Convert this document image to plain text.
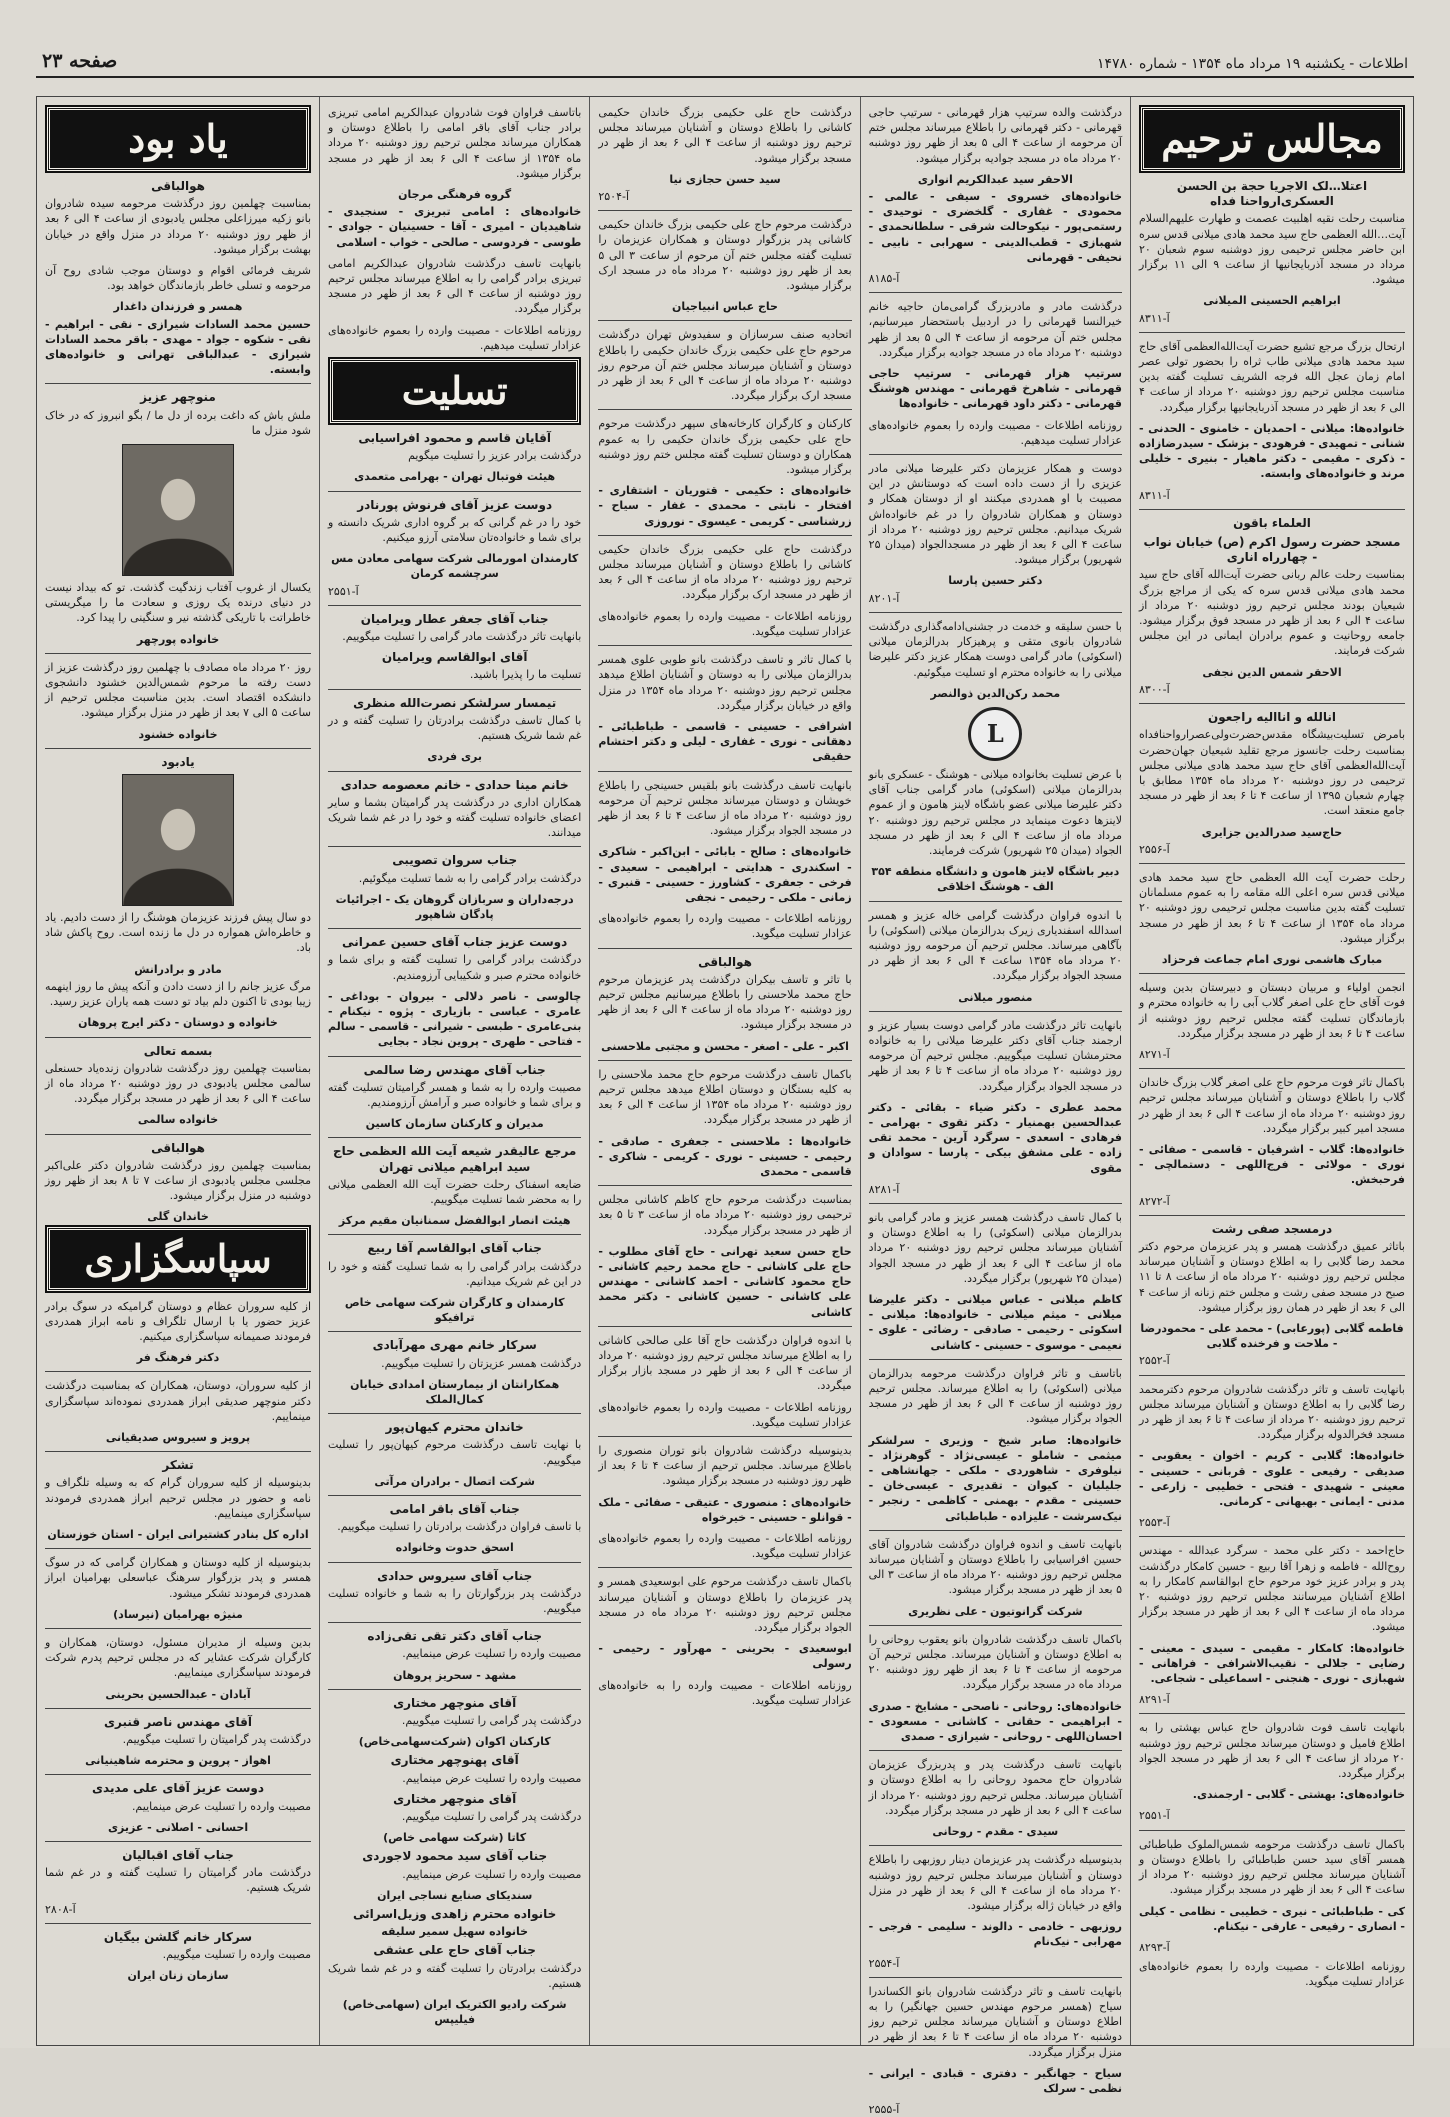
اطلاعات - یکشنبه ۱۹ مرداد ماه ۱۳۵۴ - شماره ۱۴۷۸۰
صفحه ۲۳
مجالس ترحیم
اعتلا…لک الاجریا حجة بن الحسن العسکری‌اروا‌حنا فداه
مناسبت رحلت نقیه اهلبیت عصمت و طهارت علیهم‌السلام آیت…الله العظمی حاج سید محمد هادی میلانی قدس سره ابن حاضر مجلس ترحیمی روز دوشنبه سوم شعبان ۲۰ مرداد در مسجد آذربایجانیها از ساعت ۹ الی ۱۱ برگزار میشود.
ابراهیم الحسینی المیلانی
آ-۸۳۱۱
ارتحال بزرگ مرجع تشیع حضرت آیت‌الله‌العظمی آقای حاج سید محمد هادی میلانی طاب ثراه را بحضور تولی عصر امام زمان عجل الله فرجه الشریف تسلیت گفته بدین مناسبت مجلس ترحیم روز دوشنبه ۲۰ مرداد از ساعت ۴ الی ۶ بعد از ظهر در مسجد آذربایجانیها برگزار میگردد.
خانواده‌ها: میلانی - احمدیان - خامنوی - الحدنی - شنانی - تمهیدی - فرهودی - بزشک - سیدرضازاده - ذکری - مقیمی - دکتر ماهیار - بنیری - خلیلی مرند و خانواده‌های وابسته.
آ-۸۳۱۱
العلماء باقون
مسجد حضرت رسول اکرم (ص) خیابان نواب - چهارراه اناری
بمناسبت رحلت عالم ربانی حضرت آیت‌الله آقای حاج سید محمد هادی میلانی قدس سره که یکی از مراجع بزرگ شیعیان بودند مجلس ترحیم روز دوشنبه ۲۰ مرداد از ساعت ۴ الی ۶ بعد از ظهر در مسجد فوق برگزار میشود. جامعه روحانیت و عموم برادران ایمانی در این مجلس شرکت فرمایند.
الاحقر شمس الدین نجفی
آ-۸۳۰۰
انالله و انااليه راجعون
بامرض تسلیت‌بیشگاه مقدس‌حضرت‌ولی‌عصر‌ارواحنافداه بمناسبت رحلت جانسوز مرجع تقلید شیعیان جهان‌حضرت آیت‌الله‌العظمی آقای حاج سید محمد هادی میلانی مجلس ترحیمی در روز دوشنبه ۲۰ مرداد ماه ۱۳۵۴ مطابق با چهارم شعبان ۱۳۹۵ از ساعت ۴ تا ۶ بعد از ظهر در مسجد جامع منعقد است.
حاج‌سید صدرالدین جزایری
آ-۲۵۵۶
رحلت حضرت آیت الله العظمی حاج سید محمد هادی میلانی قدس سره اعلی الله مقامه را به عموم مسلمانان تسلیت گفته بدین مناسبت مجلس ترحیمی روز دوشنبه ۲۰ مرداد ماه ۱۳۵۴ از ساعت ۴ تا ۶ بعد از ظهر در مسجد برگزار میشود.
مبارک هاشمی نوری امام جماعت فرحزاد
انجمن اولیاء و مربیان دبستان و دبیرستان بدین وسیله فوت آقای حاج علی اصغر گلاب آبی را به خانواده محترم و بازماندگان تسلیت گفته مجلس ترحیم روز دوشنبه از ساعت ۴ تا ۶ بعد از ظهر در مسجد برگزار میگردد.
آ-۸۲۷۱
باکمال تاثر فوت مرحوم حاج علی اصغر گلاب بزرگ خاندان گلاب را باطلاع دوستان و آشنایان میرساند مجلس ترحیم روز دوشنبه ۲۰ مرداد ماه از ساعت ۴ الی ۶ بعد از ظهر در مسجد امیر کبیر برگزار میگردد.
خانواده‌ها: گلاب - اشرفیان - قاسمی - صفائی - نوری - مولائی - فرج‌اللهی - دستمالچی - فرحبخش.
آ-۸۲۷۲
درمسجد صفی رشت
باتاثر عمیق درگذشت همسر و پدر عزیزمان مرحوم دکتر محمد رضا گلابی را به اطلاع دوستان و آشنایان میرساند مجلس ترحیم روز دوشنبه ۲۰ مرداد ماه از ساعت ۸ تا ۱۱ صبح در مسجد صفی رشت و مجلس ختم زنانه از ساعت ۴ الی ۶ بعد از ظهر در همان روز برگزار میشود.
فاطمه گلابی (پورعابی) - محمد علی - محمودرضا - ملاحت و فرخنده گلابی
آ-۲۵۵۲
بانهایت تاسف و تاثر درگذشت شادروان مرحوم دکترمحمد رضا گلابی را به اطلاع دوستان و آشنایان میرساند مجلس ترحیم روز دوشنبه ۲۰ مرداد از ساعت ۴ تا ۶ بعد از ظهر در مسجد فخرالدوله برگزار میگردد.
خانواده‌ها: گلابی - کریم - اخوان - یعقوبی - صدیقی - رفیعی - علوی - قربانی - حسینی - معینی - شهیدی - فتحی - خطیبی - زارعی - مدنی - ایمانی - بهبهانی - کرمانی.
آ-۲۵۵۳
حاج‌احمد - دکتر علی محمد - سرگرد عبدالله - مهندس روح‌الله - فاطمه و زهرا آقا ربیع - حسین کامکار درگذشت پدر و برادر عزیز خود مرحوم حاج ابوالقاسم کامکار را به اطلاع آشنایان میرسانند مجلس ترحیم روز دوشنبه ۲۰ مرداد ماه از ساعت ۴ الی ۶ بعد از ظهر در مسجد برگزار میشود.
خانواده‌ها: کامکار - مقیمی - سیدی - معینی - رضایی - جلالی - نقیب‌الاشرافی - فراهانی - شهبازی - نوری - هنجنی - اسماعیلی - شجاعی.
آ-۸۲۹۱
بانهایت تاسف فوت شادروان حاج عباس بهشتی را به اطلاع فامیل و دوستان میرساند مجلس ترحیم روز دوشنبه ۲۰ مرداد از ساعت ۴ الی ۶ بعد از ظهر در مسجد الجواد برگزار میگردد.
خانواده‌های: بهشتی - گلابی - ارجمندی.
آ-۲۵۵۱
باکمال تاسف درگذشت مرحومه شمس‌الملوک طباطبائی همسر آقای سید حسن طباطبائی را باطلاع دوستان و آشنایان میرساند مجلس ترحیم روز دوشنبه ۲۰ مرداد از ساعت ۴ الی ۶ بعد از ظهر در مسجد برگزار میشود.
کی - طباطبائی - نیری - خطیبی - نظامی - کیلی - انصاری - رفیعی - عارفی - نیکنام.
آ-۸۲۹۳
روزنامه اطلاعات - مصیبت وارده را بعموم خانواده‌های عزادار تسلیت میگوید.
درگذشت والده سرتیپ هزار قهرمانی - سرتیپ حاجی قهرمانی - دکتر قهرمانی را باطلاع میرساند مجلس ختم آن مرحومه از ساعت ۴ الی ۵ بعد از ظهر روز دوشنبه ۲۰ مرداد ماه در مسجد جوادیه برگزار میشود.
الاحقر سید عبدالکریم انواری
خانواده‌های خسروی - سیفی - عالمی - محمودی - غفاری - گلخضری - توحیدی - رستمی‌پور - نیکوحالت شرقی - سلطانحمدی - شهبازی - قطب‌الدینی - سهرابی - نابیی - نحیفی - قهرمانی
آ-۸۱۸۵
درگذشت مادر و مادربزرگ گرامی‌مان حاجیه خانم خیرالنسا قهرمانی را در اردبیل باستحضار میرسانیم، مجلس ختم آن مرحومه از ساعت ۴ الی ۵ بعد از ظهر دوشنبه ۲۰ مرداد ماه در مسجد جوادیه برگزار میگردد.
سرتیپ هزار قهرمانی - سرتیپ حاجی قهرمانی - شاهرخ قهرمانی - مهندس هوشنگ قهرمانی - دکتر داود قهرمانی - خانواده‌ها
روزنامه اطلاعات - مصیبت وارده را بعموم خانواده‌های عزادار تسلیت میدهیم.
دوست و همکار عزیزمان دکتر علیرضا میلانی مادر عزیزی را از دست داده است که دوستانش در این مصیبت با او همدردی میکنند او از دوستان همکار و دوستان و همکاران شادروان را در غم خانواده‌اش شریک میدانیم. مجلس ترحیم روز دوشنبه ۲۰ مرداد از ساعت ۴ الی ۶ بعد از ظهر در مسجدالجواد (میدان ۲۵ شهریور) برگزار میشود.
دکتر حسین پارسا
آ-۸۲۰۱
با حسن سلیقه و خدمت در جشنی‌ادامه‌گذاری درگذشت شادروان بانوی متقی و پرهیزکار بدرالزمان میلانی (اسکوئی) مادر گرامی دوست همکار عزیز دکتر علیرضا میلانی را به خانواده محترم او تسلیت میگوئیم.
محمد رکن‌الدین ذوالنصر
L
با عرض تسلیت بخانواده میلانی - هوشنگ - عسکری بانو بدرالزمان میلانی (اسکوئی) مادر گرامی جناب آقای دکتر علیرضا میلانی عضو باشگاه لاینز هامون و از عموم لاینزها دعوت مینماید در مجلس ترحیم روز دوشنبه ۲۰ مرداد ماه از ساعت ۴ الی ۶ بعد از ظهر در مسجد الجواد (میدان ۲۵ شهریور) شرکت فرمایند.
دبیر باشگاه لاینز هامون و دانشگاه منطقه ۳۵۴ الف - هوشنگ اخلاقی
با اندوه فراوان درگذشت گرامی خاله عزیز و همسر اسدالله اسفندیاری زیرک بدرالزمان میلانی (اسکوئی) را بآگاهی میرساند. مجلس ترحیم آن مرحومه روز دوشنبه ۲۰ مرداد ماه ۱۳۵۴ ساعت ۴ الی ۶ بعد از ظهر در مسجد الجواد برگزار میگردد.
منصور میلانی
بانهایت تاثر درگذشت مادر گرامی دوست بسیار عزیز و ارجمند جناب آقای دکتر علیرضا میلانی را به خانواده محترمشان تسلیت میگوییم. مجلس ترحیم آن مرحومه روز دوشنبه ۲۰ مرداد ماه از ساعت ۴ تا ۶ بعد از ظهر در مسجد الجواد برگزار میگردد.
محمد عطری - دکتر ضیاء - بقائی - دکتر عبدالحسین بهمنیار - دکتر تقوی - بهرامی - فرهادی - اسعدی - سرگرد آرین - محمد تقی زاده - علی مشفق بیکی - پارسا - سوادان و مقوی
آ-۸۲۸۱
با کمال تاسف درگذشت همسر عزیز و مادر گرامی بانو بدرالزمان میلانی (اسکوئی) را به اطلاع دوستان و آشنایان میرساند مجلس ترحیم روز دوشنبه ۲۰ مرداد ماه از ساعت ۴ الی ۶ بعد از ظهر در مسجد الجواد (میدان ۲۵ شهریور) برگزار میگردد.
کاظم میلانی - عباس میلانی - دکتر علیرضا میلانی - میثم میلانی - خانواده‌ها: میلانی - اسکوئی - رحیمی - صادقی - رضائی - علوی - نعیمی - موسوی - حسینی - کاشانی
باتاسف و تاثر فراوان درگذشت مرحومه بدرالزمان میلانی (اسکوئی) را به اطلاع میرساند. مجلس ترحیم روز دوشنبه از ساعت ۴ الی ۶ بعد از ظهر در مسجد الجواد برگزار میشود.
خانواده‌ها: صابر شیخ - وزیری - سرلشکر میثمی - شاملو - عیسی‌نژاد - گوهرنژاد - نیلوفری - شاهوردی - ملکی - جهانشاهی - جلیلیان - کیوان - تقدیری - عیسی‌خان - حسینی - مقدم - بهمنی - کاظمی - رنجبر - نیک‌سرشت - علیزاده - طباطبائی
بانهایت تاسف و اندوه فراوان درگذشت شادروان آقای حسین افراسیابی را باطلاع دوستان و آشنایان میرساند مجلس ترحیم روز دوشنبه ۲۰ مرداد ماه از ساعت ۳ الی ۵ بعد از ظهر در مسجد برگزار میشود.
شرکت گرانوتیون - علی نظریری
باکمال تاسف درگذشت شادروان بانو یعقوب روحانی را به اطلاع دوستان و آشنایان میرساند. مجلس ترحیم آن مرحومه از ساعت ۴ تا ۶ بعد از ظهر روز دوشنبه ۲۰ مرداد ماه در مسجد برگزار میگردد.
خانواده‌های: روحانی - ناصحی - مشایخ - صدری - ابراهیمی - حقانی - کاشانی - مسعودی - احسان‌اللهی - روحانی - شیرازی - صمدی
بانهایت تاسف درگذشت پدر و پدربزرگ عزیزمان شادروان حاج محمود روحانی را به اطلاع دوستان و آشنایان میرساند. مجلس ترحیم روز دوشنبه ۲۰ مرداد از ساعت ۴ الی ۶ بعد از ظهر در مسجد برگزار میگردد.
سیدی - مقدم - روحانی
بدینوسیله درگذشت پدر عزیزمان دینار روزبهی را باطلاع دوستان و آشنایان میرساند مجلس ترحیم روز دوشنبه ۲۰ مرداد ماه از ساعت ۴ الی ۶ بعد از ظهر در منزل واقع در خیابان ژاله برگزار میشود.
روزبهی - خادمی - دالوند - سلیمی - فرجی - مهرابی - نیک‌نام
آ-۲۵۵۴
بانهایت تاسف و تاثر درگذشت شادروان بانو الکساندرا سیاح (همسر مرحوم مهندس حسین جهانگیر) را به اطلاع دوستان و آشنایان میرساند مجلس ترحیم روز دوشنبه ۲۰ مرداد ماه از ساعت ۴ تا ۶ بعد از ظهر در منزل برگزار میگردد.
سیاح - جهانگیر - دفتری - قبادی - ایرانی - نظمی - سرلک
آ-۲۵۵۵
درگذشت حاج علی حکیمی بزرگ خاندان حکیمی کاشانی را باطلاع دوستان و آشنایان میرساند مجلس ترحیم روز دوشنبه از ساعت ۴ الی ۶ بعد از ظهر در مسجد برگزار میشود.
سید حسن حجازی نیا
آ-۲۵۰۴
درگذشت مرحوم حاج علی حکیمی بزرگ خاندان حکیمی کاشانی پدر بزرگوار دوستان و همکاران عزیزمان را تسلیت گفته مجلس ختم آن مرحوم از ساعت ۳ الی ۵ بعد از ظهر روز دوشنبه ۲۰ مرداد ماه در مسجد ارک برگزار میشود.
حاج عباس انبیاجیان
اتحادیه صنف سرسازان و سفیدوش تهران درگذشت مرحوم حاج علی حکیمی بزرگ خاندان حکیمی را باطلاع دوستان و آشنایان میرساند مجلس ختم آن مرحوم روز دوشنبه ۲۰ مرداد ماه از ساعت ۴ الی ۶ بعد از ظهر در مسجد ارک برگزار میگردد.
کارکنان و کارگران کارخانه‌های سپهر درگذشت مرحوم حاج علی حکیمی بزرگ خاندان حکیمی را به عموم همکاران و دوستان تسلیت گفته مجلس ختم روز دوشنبه برگزار میشود.
خانواده‌های : حکیمی - قتوریان - اشتقاری - افتخار - نابتی - محمدی - غفار - سیاح - زرشناسی - کریمی - عیسوی - نوروزی
درگذشت حاج علی حکیمی بزرگ خاندان حکیمی کاشانی را باطلاع دوستان و آشنایان میرساند مجلس ترحیم روز دوشنبه ۲۰ مرداد ماه از ساعت ۴ الی ۶ بعد از ظهر در مسجد ارک برگزار میگردد.
روزنامه اطلاعات - مصیبت وارده را بعموم خانواده‌های عزادار تسلیت میگوید.
با کمال تاثر و تاسف درگذشت بانو طوبی علوی همسر بدرالزمان میلانی را به دوستان و آشنایان اطلاع میدهد مجلس ترحیم روز دوشنبه ۲۰ مرداد ماه ۱۳۵۴ در منزل واقع در خیابان برگزار میگردد.
اشرافی - حسینی - قاسمی - طباطبائی - دهقانی - نوری - غفاری - لیلی و دکتر احتشام حقیقی
بانهایت تاسف درگذشت بانو بلقیس حسینجی را باطلاع خویشان و دوستان میرساند مجلس ترحیم آن مرحومه روز دوشنبه ۲۰ مرداد ماه از ساعت ۴ تا ۶ بعد از ظهر در مسجد الجواد برگزار میشود.
خانواده‌های : صالح - بابائی - ابن‌اکبر - شاکری - اسکندری - هدایتی - ابراهیمی - سعیدی - فرخی - جعفری - کشاورز - حسینی - قنبری - زمانی - ملکی - رحیمی - نجفی
روزنامه اطلاعات - مصیبت وارده را بعموم خانواده‌های عزادار تسلیت میگوید.
هوالباقی
با تاثر و تاسف بیکران درگذشت پدر عزیزمان مرحوم حاج محمد ملاحسنی را باطلاع میرسانیم مجلس ترحیم روز دوشنبه ۲۰ مرداد ماه از ساعت ۴ الی ۶ بعد از ظهر در مسجد برگزار میشود.
اکبر - علی - اصغر - محسن و مجتبی ملاحسنی
باکمال تاسف درگذشت مرحوم حاج محمد ملاحسنی را به کلیه بستگان و دوستان اطلاع میدهد مجلس ترحیم روز دوشنبه ۲۰ مرداد ماه ۱۳۵۴ از ساعت ۴ الی ۶ بعد از ظهر در مسجد برگزار میگردد.
خانواده‌ها : ملاحسنی - جعفری - صادقی - رحیمی - حسینی - نوری - کریمی - شاکری - قاسمی - محمدی
بمناسبت درگذشت مرحوم حاج کاظم کاشانی مجلس ترحیمی روز دوشنبه ۲۰ مرداد ماه از ساعت ۳ تا ۵ بعد از ظهر در مسجد برگزار میگردد.
حاج حسن سعید تهرانی - حاج آقای مطلوب - حاج علی کاشانی - حاج محمد رحیم کاشانی - حاج محمود کاشانی - احمد کاشانی - مهندس علی کاشانی - حسین کاشانی - دکتر محمد کاشانی
با اندوه فراوان درگذشت حاج آقا علی صالحی کاشانی را به اطلاع میرساند مجلس ترحیم روز دوشنبه ۲۰ مرداد از ساعت ۴ الی ۶ بعد از ظهر در مسجد بازار برگزار میگردد.
روزنامه اطلاعات - مصیبت وارده را بعموم خانواده‌های عزادار تسلیت میگوید.
بدینوسیله درگذشت شادروان بانو توران منصوری را باطلاع میرساند. مجلس ترحیم از ساعت ۴ تا ۶ بعد از ظهر روز دوشنبه در مسجد برگزار میشود.
خانواده‌های : منصوری - عتیقی - صفائی - ملک - قوانلو - حسینی - خیرخواه
روزنامه اطلاعات - مصیبت وارده را بعموم خانواده‌های عزادار تسلیت میگوید.
باکمال تاسف درگذشت مرحوم علی ابوسعیدی همسر و پدر عزیزمان را باطلاع دوستان و آشنایان میرساند مجلس ترحیم روز دوشنبه ۲۰ مرداد ماه در مسجد الجواد برگزار میگردد.
ابوسعیدی - بحرینی - مهرآور - رحیمی - رسولی
روزنامه اطلاعات - مصیبت وارده را به خانواده‌های عزادار تسلیت میگوید.
باتاسف فراوان فوت شادروان عبدالکریم امامی تبریزی برادر جناب آقای باقر امامی را باطلاع دوستان و همکاران میرساند مجلس ترحیم روز دوشنبه ۲۰ مرداد ماه ۱۳۵۴ از ساعت ۴ الی ۶ بعد از ظهر در مسجد برگزار میشود.
گروه فرهنگی مرجان
خانواده‌های : امامی تبریزی - سنجیدی - شاهیدیان - امیری - آقا - حسینیان - جوادی - طوسی - فردوسی - صالحی - خواب - اسلامی
بانهایت تاسف درگذشت شادروان عبدالکریم امامی تبریزی برادر گرامی را به اطلاع میرساند مجلس ترحیم روز دوشنبه از ساعت ۴ الی ۶ بعد از ظهر در مسجد برگزار میگردد.
روزنامه اطلاعات - مصیبت وارده را بعموم خانواده‌های عزادار تسلیت میدهیم.
تسلیت
آقایان قاسم و محمود افراسیابی
درگذشت برادر عزیز را تسلیت میگویم
هیئت فوتبال تهران - بهرامی متعمدی
دوست عزیز آقای فرنوش پورنادر
خود را در غم گرانی که بر گروه اداری شریک دانسته و برای شما و خانواده‌تان سلامتی آرزو میکنیم.
کارمندان امورمالی شرکت سهامی معادن مس سرچشمه کرمان
آ-۲۵۵۱
جناب آقای جعفر عطار ویرامیان
بانهایت تاثر درگذشت مادر گرامی را تسلیت میگوییم.
آقای ابوالقاسم ویرامیان
تسلیت ما را پذیرا باشید.
تیمسار سرلشکر نصرت‌الله منظری
با کمال تاسف درگذشت برادرتان را تسلیت گفته و در غم شما شریک هستیم.
بری فردی
خانم مینا حدادی - خانم معصومه حدادی
همکاران اداری در درگذشت پدر گرامیتان بشما و سایر اعضای خانواده تسلیت گفته و خود را در غم شما شریک میدانند.
جناب سروان تصویبی
درگذشت برادر گرامی را به شما تسلیت میگوئیم.
درجه‌داران و سربازان گروهان یک - اجرائیات پادگان شاهپور
دوست عزیز جناب آقای حسین عمرانی
درگذشت برادر گرامی را تسلیت گفته و برای شما و خانواده محترم صبر و شکیبایی آرزومندیم.
چالوسی - ناصر دلالی - بیروان - بوداغی - عامری - عباسی - بازیاری - پژوه - نیکنام - بنی‌عامری - طبسی - شیرانی - قاسمی - سالم - فتاحی - طهری - پروین نجاد - بجایی
جناب آقای مهندس رضا سالمی
مصیبت وارده را به شما و همسر گرامیتان تسلیت گفته و برای شما و خانواده صبر و آرامش آرزومندیم.
مدیران و کارکنان سازمان کاسین
مرجع عالیقدر شیعه آیت الله العظمی حاج سید ابراهیم میلانی تهران
ضایعه اسفناک رحلت حضرت آیت الله العظمی میلانی را به محضر شما تسلیت میگوییم.
هیئت انصار ابوالفضل سمنانیان مقیم مرکز
جناب آقای ابوالقاسم آقا ربیع
درگذشت برادر گرامی را به شما تسلیت گفته و خود را در این غم شریک میدانیم.
کارمندان و کارگران شرکت سهامی خاص ترافیکو
سرکار خانم مهری مهرآبادی
درگذشت همسر عزیزتان را تسلیت میگوییم.
همکارانتان از بیمارستان امدادی خیابان کمال‌الملک
خاندان محترم کیهان‌پور
با نهایت تاسف درگذشت مرحوم کیهان‌پور را تسلیت میگوییم.
شرکت اتصال - برادران مرآتی
جناب آقای باقر امامی
با تاسف فراوان درگذشت برادرتان را تسلیت میگوییم.
اسحق حدوت وخانواده
جناب آقای سیروس حدادی
درگذشت پدر بزرگوارتان را به شما و خانواده تسلیت میگوییم.
جناب آقای دکتر تقی تقی‌زاده
مصیبت وارده را تسلیت عرض مینماییم.
مشهد - سحریز پروهان
آقای منوچهر مختاری
درگذشت پدر گرامی را تسلیت میگوییم.
کارکنان اکوان (شرکت‌سهامی‌خاص)
آقای پهنوچهر مختاری
مصیبت وارده را تسلیت عرض مینماییم.
آقای منوچهر مختاری
درگذشت پدر گرامی را تسلیت میگوییم.
کاتا (شرکت سهامی خاص)
جناب آقای سید محمود لاجوردی
مصیبت وارده را تسلیت عرض مینماییم.
سندیکای صنایع نساجی ایران
خانواده محترم زاهدی وزیل‌اسرائی
خانواده سهیل سمیر سلیقه
جناب آقای حاج علی عشقی
درگذشت برادرتان را تسلیت گفته و در غم شما شریک هستیم.
شرکت رادیو الکتریک ایران (سهامی‌خاص) فیلیپس
یاد بود
هوالباقی
بمناسبت چهلمین روز درگذشت مرحومه سیده شادروان بانو زکیه میرزاعلی مجلس یادبودی از ساعت ۴ الی ۶ بعد از ظهر روز دوشنبه ۲۰ مرداد در منزل واقع در خیابان بهشت برگزار میشود.
شریف فرمائی اقوام و دوستان موجب شادی روح آن مرحومه و تسلی خاطر بازماندگان خواهد بود.
همسر و فرزندان داغدار
حسین محمد السادات شیرازی - نقی - ابراهیم - نقی - شکوه - جواد - مهدی - باقر محمد السادات شیرازی - عبدالباقی تهرانی و خانواده‌های وابسته.
منوچهر عزیز
ملش باش که داغت برده از دل ما / بگو انبروز که در خاک شود منزل ما
یکسال از غروب آفتاب زندگیت گذشت. تو که بیداد نیست در دنیای درنده یک روزی و سعادت ما را میگریستی خاطراتت با تاریکی گذشته نیر و سنگینی را پیدا کرد.
خانواده پورچهر
روز ۲۰ مرداد ماه مصادف با چهلمین روز درگذشت عزیز از دست رفته ما مرحوم شمس‌الدین خشنود دانشجوی دانشکده اقتصاد است. بدین مناسبت مجلس ترحیم از ساعت ۵ الی ۷ بعد از ظهر در منزل برگزار میشود.
خانواده خشنود
یادبود
دو سال پیش فرزند عزیزمان هوشنگ را از دست دادیم. یاد و خاطره‌اش همواره در دل ما زنده است. روح پاکش شاد باد.
مادر و برادرانش
مرگ عزیز جانم را از دست دادن و آنکه پیش ما روز اینهمه زیبا بودی تا اکنون دلم بیاد تو دست همه یاران عزیز رسید.
خانواده و دوستان - دکتر ایرج پروهان
بسمه تعالی
بمناسبت چهلمین روز درگذشت شادروان زنده‌یاد حسنعلی سالمی مجلس یادبودی در روز دوشنبه ۲۰ مرداد ماه از ساعت ۴ الی ۶ بعد از ظهر در مسجد برگزار میگردد.
خانواده سالمی
هوالباقی
بمناسبت چهلمین روز درگذشت شادروان دکتر علی‌اکبر مجلسی مجلس یادبودی از ساعت ۷ تا ۸ بعد از ظهر روز دوشنبه در منزل برگزار میشود.
خاندان گلی
سپاسگزاری
از کلیه سروران عظام و دوستان گرامیکه در سوگ برادر عزیز حضور یا با ارسال تلگراف و نامه ابراز همدردی فرمودند صمیمانه سپاسگزاری میکنیم.
دکتر فرهنگ فر
از کلیه سروران، دوستان، همکاران که بمناسبت درگذشت دکتر منوچهر صدیقی ابراز همدردی نموده‌اند سپاسگزاری مینماییم.
پرویز و سیروس صدیقیانی
تشکر
بدینوسیله از کلیه سروران گرام که به وسیله تلگراف و نامه و حضور در مجلس ترحیم ابراز همدردی فرمودند سپاسگزاری مینماییم.
اداره کل بنادر کشتیرانی ایران - استان خوزستان
بدینوسیله از کلیه دوستان و همکاران گرامی که در سوگ همسر و پدر بزرگوار سرهنگ عباسعلی بهرامیان ابراز همدردی فرمودند تشکر میشود.
منیژه بهرامیان (نیرساد)
بدین وسیله از مدیران مسئول، دوستان، همکاران و کارگران شرکت عشایر که در مجلس ترحیم پدرم شرکت فرمودند سپاسگزاری مینماییم.
آبادان - عبدالحسین بحرینی
آقای مهندس ناصر قنبری
درگذشت پدر گرامیتان را تسلیت میگوییم.
اهواز - پروین و محترمه شاهینیانی
دوست عزیز آقای علی مدیدی
مصیبت وارده را تسلیت عرض مینماییم.
احسانی - اصلانی - عزیزی
جناب آقای اقبالیان
درگذشت مادر گرامیتان را تسلیت گفته و در غم شما شریک هستیم.
آ-۲۸۰۸
سرکار خانم گلشن بیگیان
مصیبت وارده را تسلیت میگوییم.
سازمان زنان ایران
